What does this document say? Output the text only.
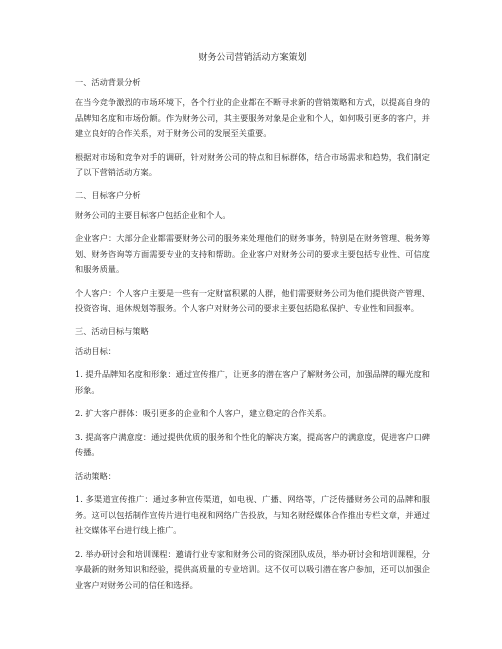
财务公司营销活动方案策划
一、活动背景分析
在当今竞争激烈的市场环境下，各个行业的企业都在不断寻求新的营销策略和方式，以提高自身的品牌知名度和市场份额。作为财务公司，其主要服务对象是企业和个人，如何吸引更多的客户，并建立良好的合作关系，对于财务公司的发展至关重要。
根据对市场和竞争对手的调研，针对财务公司的特点和目标群体，结合市场需求和趋势，我们制定了以下营销活动方案。
二、目标客户分析
财务公司的主要目标客户包括企业和个人。
企业客户：大部分企业都需要财务公司的服务来处理他们的财务事务，特别是在财务管理、税务筹划、财务咨询等方面需要专业的支持和帮助。企业客户对财务公司的要求主要包括专业性、可信度和服务质量。
个人客户：个人客户主要是一些有一定财富积累的人群，他们需要财务公司为他们提供资产管理、投资咨询、退休规划等服务。个人客户对财务公司的要求主要包括隐私保护、专业性和回报率。
三、活动目标与策略
活动目标：
1. 提升品牌知名度和形象：通过宣传推广，让更多的潜在客户了解财务公司，加强品牌的曝光度和形象。
2. 扩大客户群体：吸引更多的企业和个人客户，建立稳定的合作关系。
3. 提高客户满意度：通过提供优质的服务和个性化的解决方案，提高客户的满意度，促进客户口碑传播。
活动策略：
1. 多渠道宣传推广：通过多种宣传渠道，如电视、广播、网络等，广泛传播财务公司的品牌和服务。这可以包括制作宣传片进行电视和网络广告投放，与知名财经媒体合作推出专栏文章，并通过社交媒体平台进行线上推广。
2. 举办研讨会和培训课程：邀请行业专家和财务公司的资深团队成员，举办研讨会和培训课程，分享最新的财务知识和经验，提供高质量的专业培训。这不仅可以吸引潜在客户参加，还可以加强企业客户对财务公司的信任和选择。
